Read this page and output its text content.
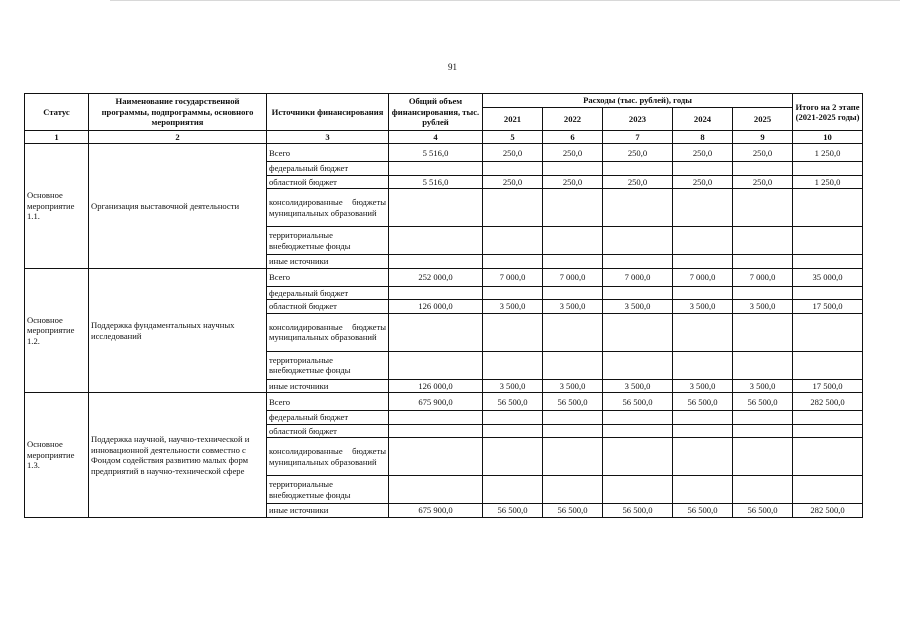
91
Статус	Наименование государственной программы, подпрограммы, основного мероприятия	Источники финансирования	Общий объем финансирования, тыс. рублей	Расходы (тыс. рублей), годы					Итого на 2 этапе (2021-2025 годы)
				2021	2022	2023	2024	2025	
1	2	3	4	5	6	7	8	9	10
Основное мероприятие 1.1.	Организация выставочной деятельности	Всего	5 516,0	250,0	250,0	250,0	250,0	250,0	1 250,0
		федеральный бюджет							
		областной бюджет	5 516,0	250,0	250,0	250,0	250,0	250,0	1 250,0
		консолидированные бюджеты муниципальных образований							
		территориальные внебюджетные фонды							
		иные источники							
Основное мероприятие 1.2.	Поддержка фундаментальных научных исследований	Всего	252 000,0	7 000,0	7 000,0	7 000,0	7 000,0	7 000,0	35 000,0
		федеральный бюджет							
		областной бюджет	126 000,0	3 500,0	3 500,0	3 500,0	3 500,0	3 500,0	17 500,0
		консолидированные бюджеты муниципальных образований							
		территориальные внебюджетные фонды							
		иные источники	126 000,0	3 500,0	3 500,0	3 500,0	3 500,0	3 500,0	17 500,0
Основное мероприятие 1.3.	Поддержка научной, научно-технической и инновационной деятельности совместно с Фондом содействия развитию малых форм предприятий в научно-технической сфере	Всего	675 900,0	56 500,0	56 500,0	56 500,0	56 500,0	56 500,0	282 500,0
		федеральный бюджет							
		областной бюджет							
		консолидированные бюджеты муниципальных образований							
		территориальные внебюджетные фонды							
		иные источники	675 900,0	56 500,0	56 500,0	56 500,0	56 500,0	56 500,0	282 500,0
